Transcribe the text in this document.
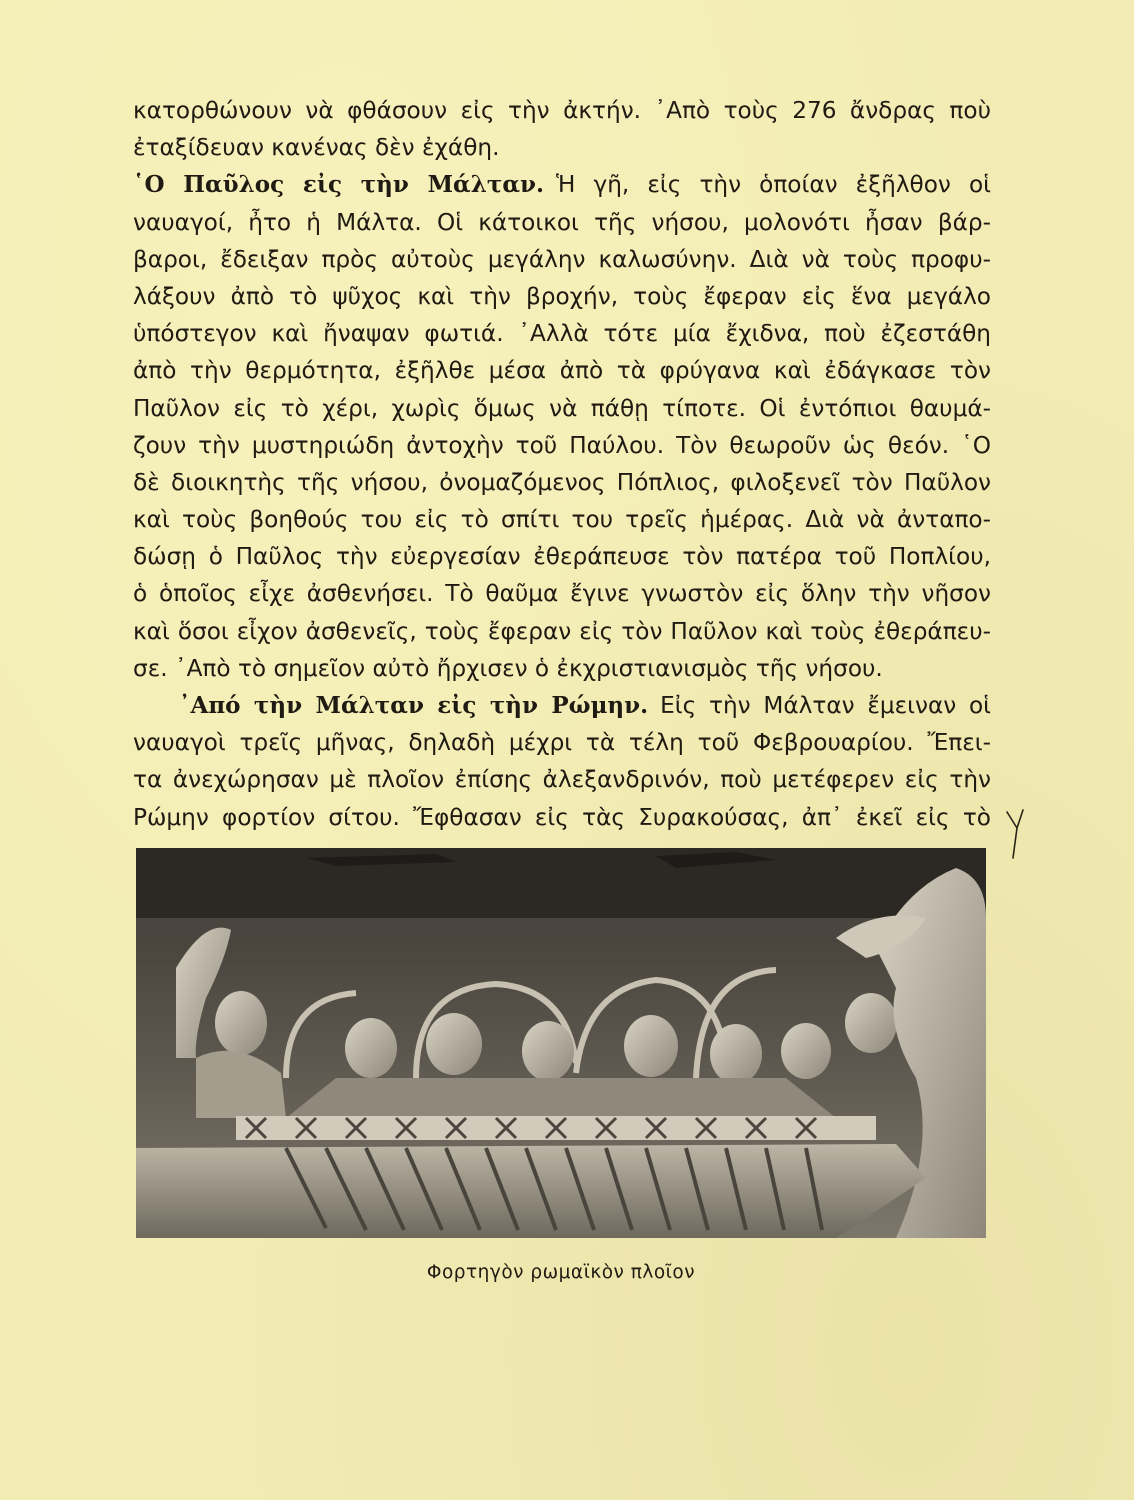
κατορθώνουν νὰ φθάσουν εἰς τὴν ἀκτήν. ᾿Απὸ τοὺς 276 ἄνδρας ποὺ
ἐταξίδευαν κανένας δὲν ἐχάθη.
῾Ο Παῦλος εἰς τὴν Μάλταν. Ἡ γῆ, εἰς τὴν ὁποίαν ἐξῆλθον οἱ
ναυαγοί, ἦτο ἡ Μάλτα. Οἱ κάτοικοι τῆς νήσου, μολονότι ἦσαν βάρ-
βαροι, ἔδειξαν πρὸς αὐτοὺς μεγάλην καλωσύνην. Διὰ νὰ τοὺς προφυ-
λάξουν ἀπὸ τὸ ψῦχος καὶ τὴν βροχήν, τοὺς ἔφεραν εἰς ἕνα μεγάλο
ὑπόστεγον καὶ ἤναψαν φωτιά. ᾿Αλλὰ τότε μία ἔχιδνα, ποὺ ἐζεστάθη
ἀπὸ τὴν θερμότητα, ἐξῆλθε μέσα ἀπὸ τὰ φρύγανα καὶ ἐδάγκασε τὸν
Παῦλον εἰς τὸ χέρι, χωρὶς ὅμως νὰ πάθῃ τίποτε. Οἱ ἐντόπιοι θαυμά-
ζουν τὴν μυστηριώδη ἀντοχὴν τοῦ Παύλου. Τὸν θεωροῦν ὡς θεόν. ῾Ο
δὲ διοικητὴς τῆς νήσου, ὀνομαζόμενος Πόπλιος, φιλοξενεῖ τὸν Παῦλον
καὶ τοὺς βοηθούς του εἰς τὸ σπίτι του τρεῖς ἡμέρας. Διὰ νὰ ἀνταπο-
δώσῃ ὁ Παῦλος τὴν εὐεργεσίαν ἐθεράπευσε τὸν πατέρα τοῦ Ποπλίου,
ὁ ὁποῖος εἶχε ἀσθενήσει. Τὸ θαῦμα ἔγινε γνωστὸν εἰς ὅλην τὴν νῆσον
καὶ ὅσοι εἶχον ἀσθενεῖς, τοὺς ἔφεραν εἰς τὸν Παῦλον καὶ τοὺς ἐθεράπευ-
σε. ᾿Απὸ τὸ σημεῖον αὐτὸ ἤρχισεν ὁ ἐκχριστιανισμὸς τῆς νήσου.
᾿Από τὴν Μάλταν εἰς τὴν Ρώμην. Εἰς τὴν Μάλταν ἔμειναν οἱ
ναυαγοὶ τρεῖς μῆνας, δηλαδὴ μέχρι τὰ τέλη τοῦ Φεβρουαρίου. Ἔπει-
τα ἀνεχώρησαν μὲ πλοῖον ἐπίσης ἀλεξανδρινόν, ποὺ μετέφερεν εἰς τὴν
Ρώμην φορτίον σίτου. Ἔφθασαν εἰς τὰς Συρακούσας, ἀπ᾿ ἐκεῖ εἰς τὸ
Φορτηγὸν ρωμαϊκὸν πλοῖον
